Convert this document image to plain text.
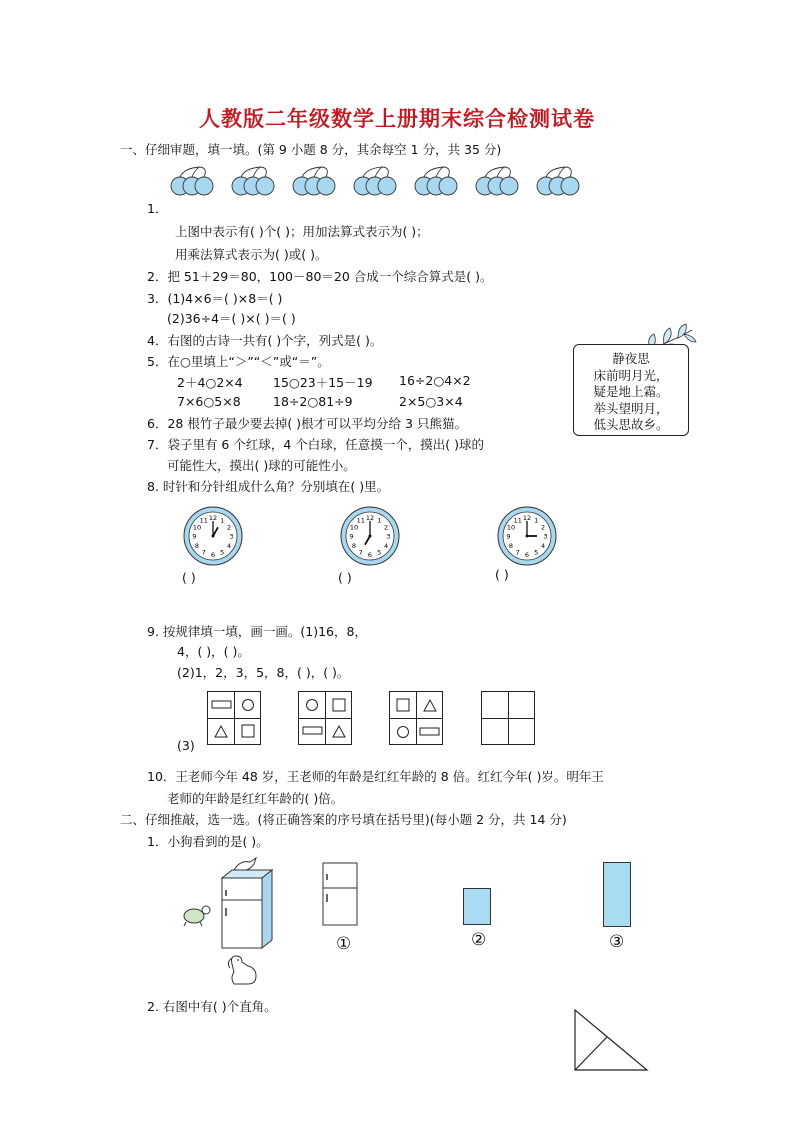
人教版二年级数学上册期末综合检测试卷
一、仔细审题，填一填。(第 9 小题 8 分，其余每空 1 分，共 35 分)
1．
上图中表示有( )个( )；用加法算式表示为( )；
用乘法算式表示为( )或( )。
2．把 51＋29＝80，100－80＝20 合成一个综合算式是( )。
3．(1)4×6＝( )×8＝( )
(2)36÷4＝( )×( )＝( )
4．右图的古诗一共有( )个字，列式是( )。
5．在○里填上“＞”“＜”或“＝”。
2＋4○2×4 15○23＋15－19 16÷2○4×2
7×6○5×8	18÷2○81÷9	2×5○3×4
静夜思
床前明月光，
疑是地上霜。
举头望明月，
低头思故乡。
6．28 根竹子最少要去掉( )根才可以平均分给 3 只熊猫。
7．袋子里有 6 个红球，4 个白球，任意摸一个，摸出( )球的
可能性大，摸出( )球的可能性小。
8. 时针和分针组成什么角？分别填在( )里。
12 1
2
3
4
5
6
7
8
9
10
11	12 1
2
3
4
5
6
7
8
9
10
11	12 1
2
3
4
5
6
7
8
9
10
11
( )	( )	( )
9. 按规律填一填，画一画。(1)16，8，
4，( )，( )。
(2)1，2，3，5，8，( )，( )。
(3)
10．王老师今年 48 岁，王老师的年龄是红红年龄的 8 倍。红红今年( )岁。明年王
老师的年龄是红红年龄的( )倍。
二、仔细推敲，选一选。(将正确答案的序号填在括号里)(每小题 2 分，共 14 分)
1．小狗看到的是( )。
①	②	③
2. 右图中有( )个直角。
